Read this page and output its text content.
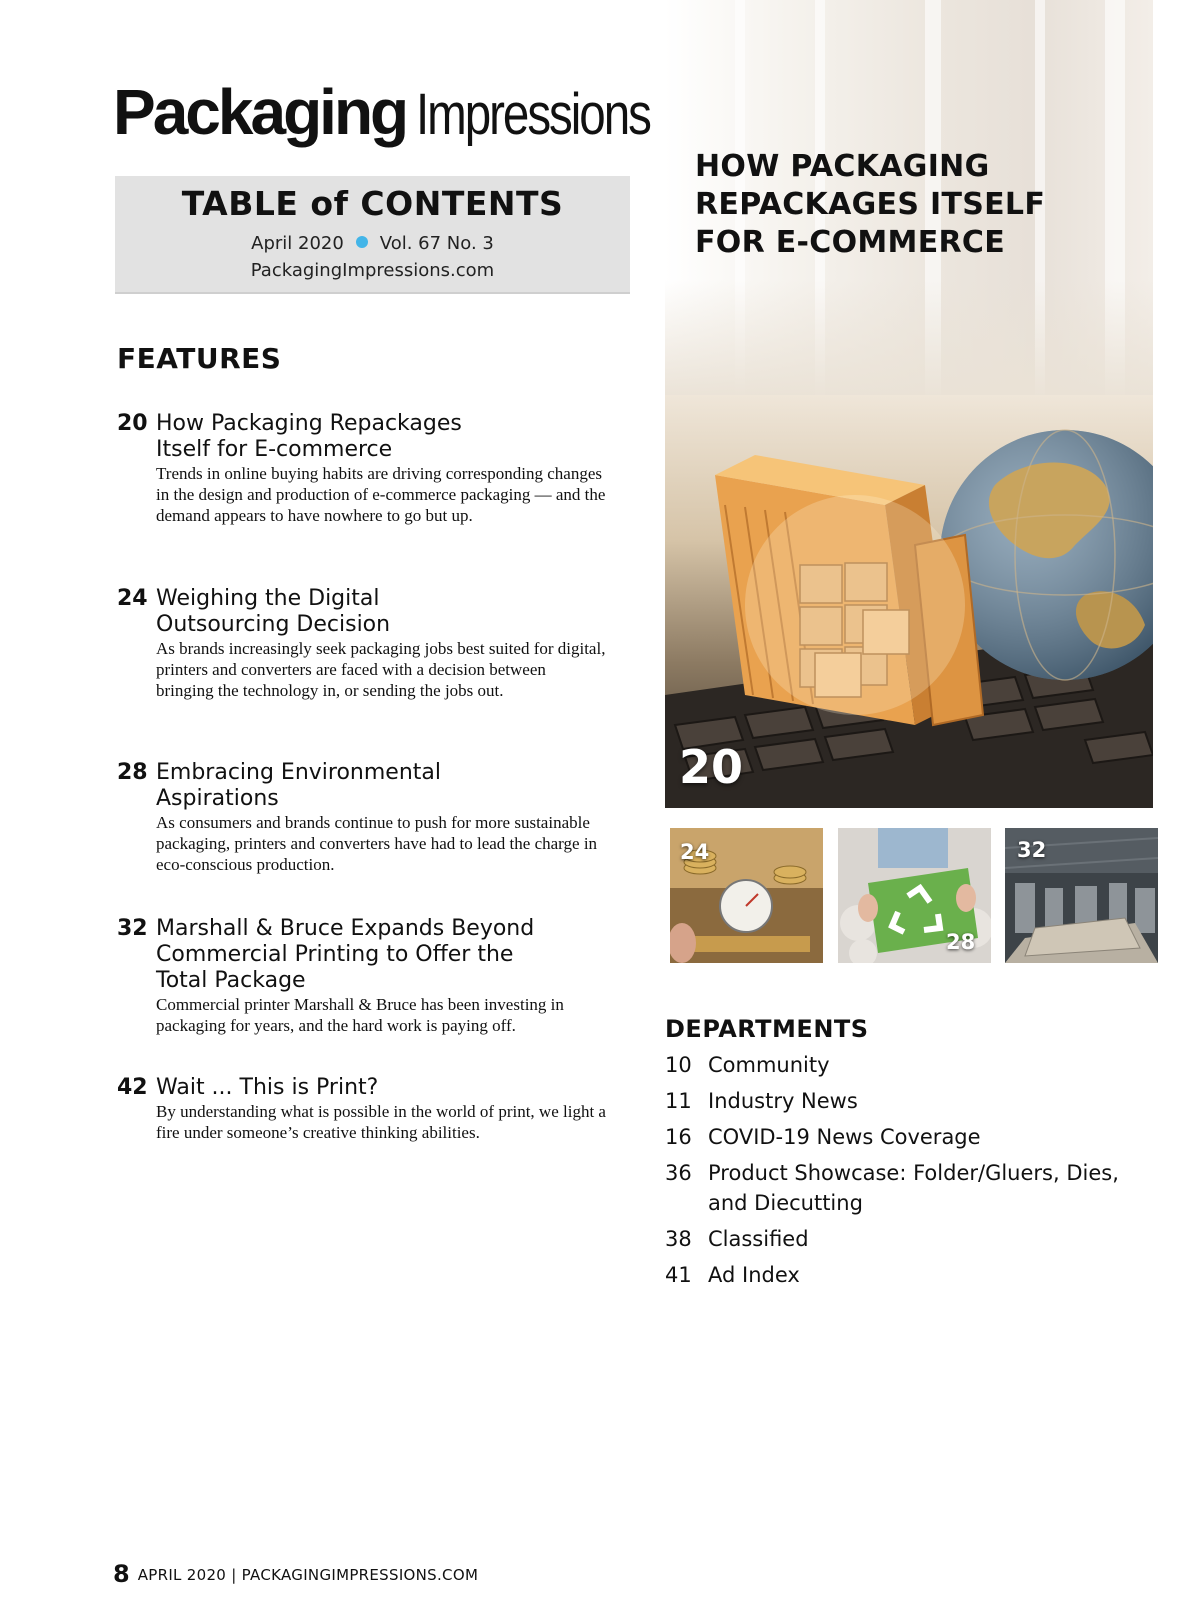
Packaging Impressions
TABLE of CONTENTS
April 2020 Vol. 67 No. 3
PackagingImpressions.com
FEATURES
20 How Packaging Repackages Itself for E-commerce
Trends in online buying habits are driving corresponding changes in the design and production of e-commerce packaging — and the demand appears to have nowhere to go but up.
24 Weighing the Digital Outsourcing Decision
As brands increasingly seek packaging jobs best suited for digital, printers and converters are faced with a decision between bringing the technology in, or sending the jobs out.
28 Embracing Environmental Aspirations
As consumers and brands continue to push for more sustainable packaging, printers and converters have had to lead the charge in eco-conscious production.
32 Marshall & Bruce Expands Beyond Commercial Printing to Offer the Total Package
Commercial printer Marshall & Bruce has been investing in packaging for years, and the hard work is paying off.
42 Wait ... This is Print?
By understanding what is possible in the world of print, we light a fire under someone’s creative thinking abilities.
HOW PACKAGING REPACKAGES ITSELF FOR E-COMMERCE
20
24
28
32
DEPARTMENTS
10 Community
11 Industry News
16 COVID-19 News Coverage
36 Product Showcase: Folder/Gluers, Dies, and Diecutting
38 Classified
41 Ad Index
8 APRIL 2020 | PACKAGINGIMPRESSIONS.COM
